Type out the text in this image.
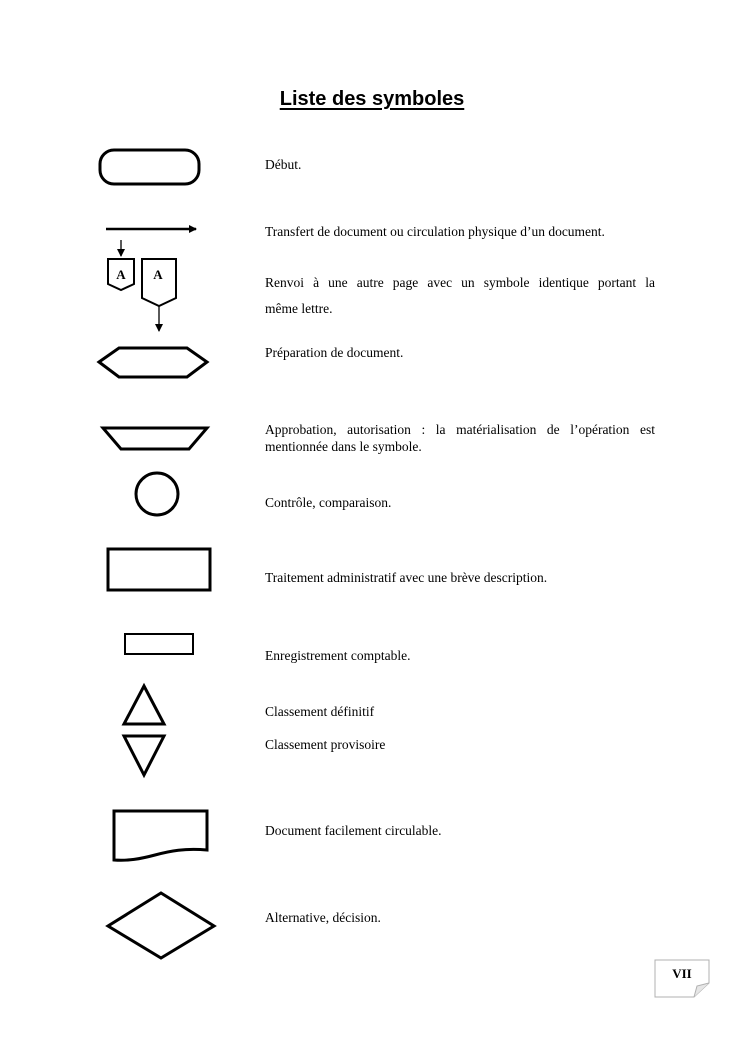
Liste des symboles
A A
Début.
Transfert de document ou circulation physique d’un document.
Renvoi à une autre page avec un symbole identique portant la
même lettre.
Préparation de document.
Approbation, autorisation : la matérialisation de l’opération est
mentionnée dans le symbole.
Contrôle, comparaison.
Traitement administratif avec une brève description.
Enregistrement comptable.
Classement définitif
Classement provisoire
Document facilement circulable.
Alternative, décision.
VII
